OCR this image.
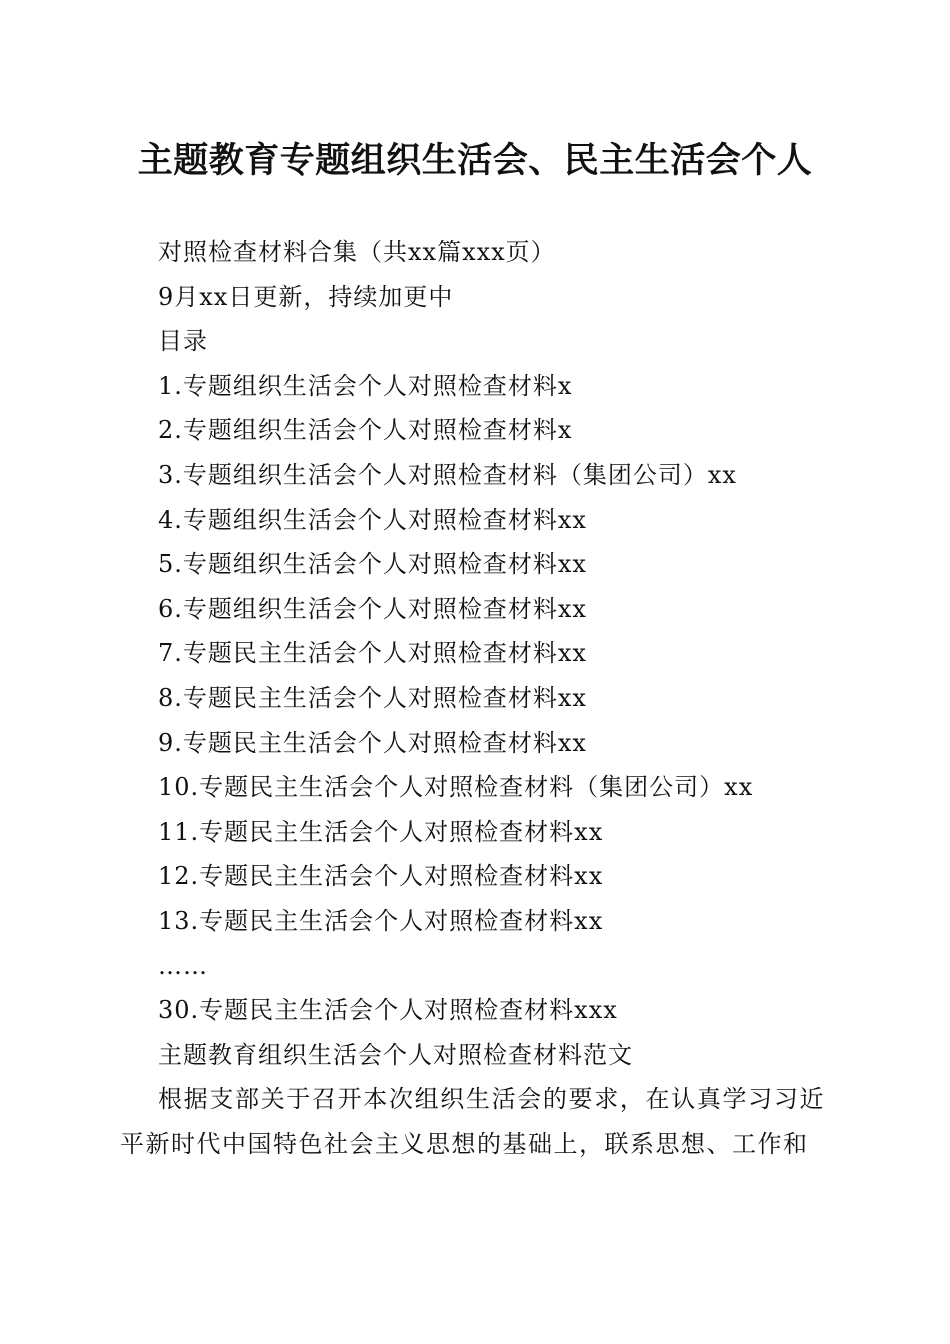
主题教育专题组织生活会、民主生活会个人
对照检查材料合集（共xx篇xxx页）
9月xx日更新，持续加更中
目录
1.专题组织生活会个人对照检查材料x
2.专题组织生活会个人对照检查材料x
3.专题组织生活会个人对照检查材料（集团公司）xx
4.专题组织生活会个人对照检查材料xx
5.专题组织生活会个人对照检查材料xx
6.专题组织生活会个人对照检查材料xx
7.专题民主生活会个人对照检查材料xx
8.专题民主生活会个人对照检查材料xx
9.专题民主生活会个人对照检查材料xx
10.专题民主生活会个人对照检查材料（集团公司）xx
11.专题民主生活会个人对照检查材料xx
12.专题民主生活会个人对照检查材料xx
13.专题民主生活会个人对照检查材料xx
……
30.专题民主生活会个人对照检查材料xxx
主题教育组织生活会个人对照检查材料范文

根据支部关于召开本次组织生活会的要求，在认真学习习近平新时代中国特色社会主义思想的基础上，联系思想、工作和
